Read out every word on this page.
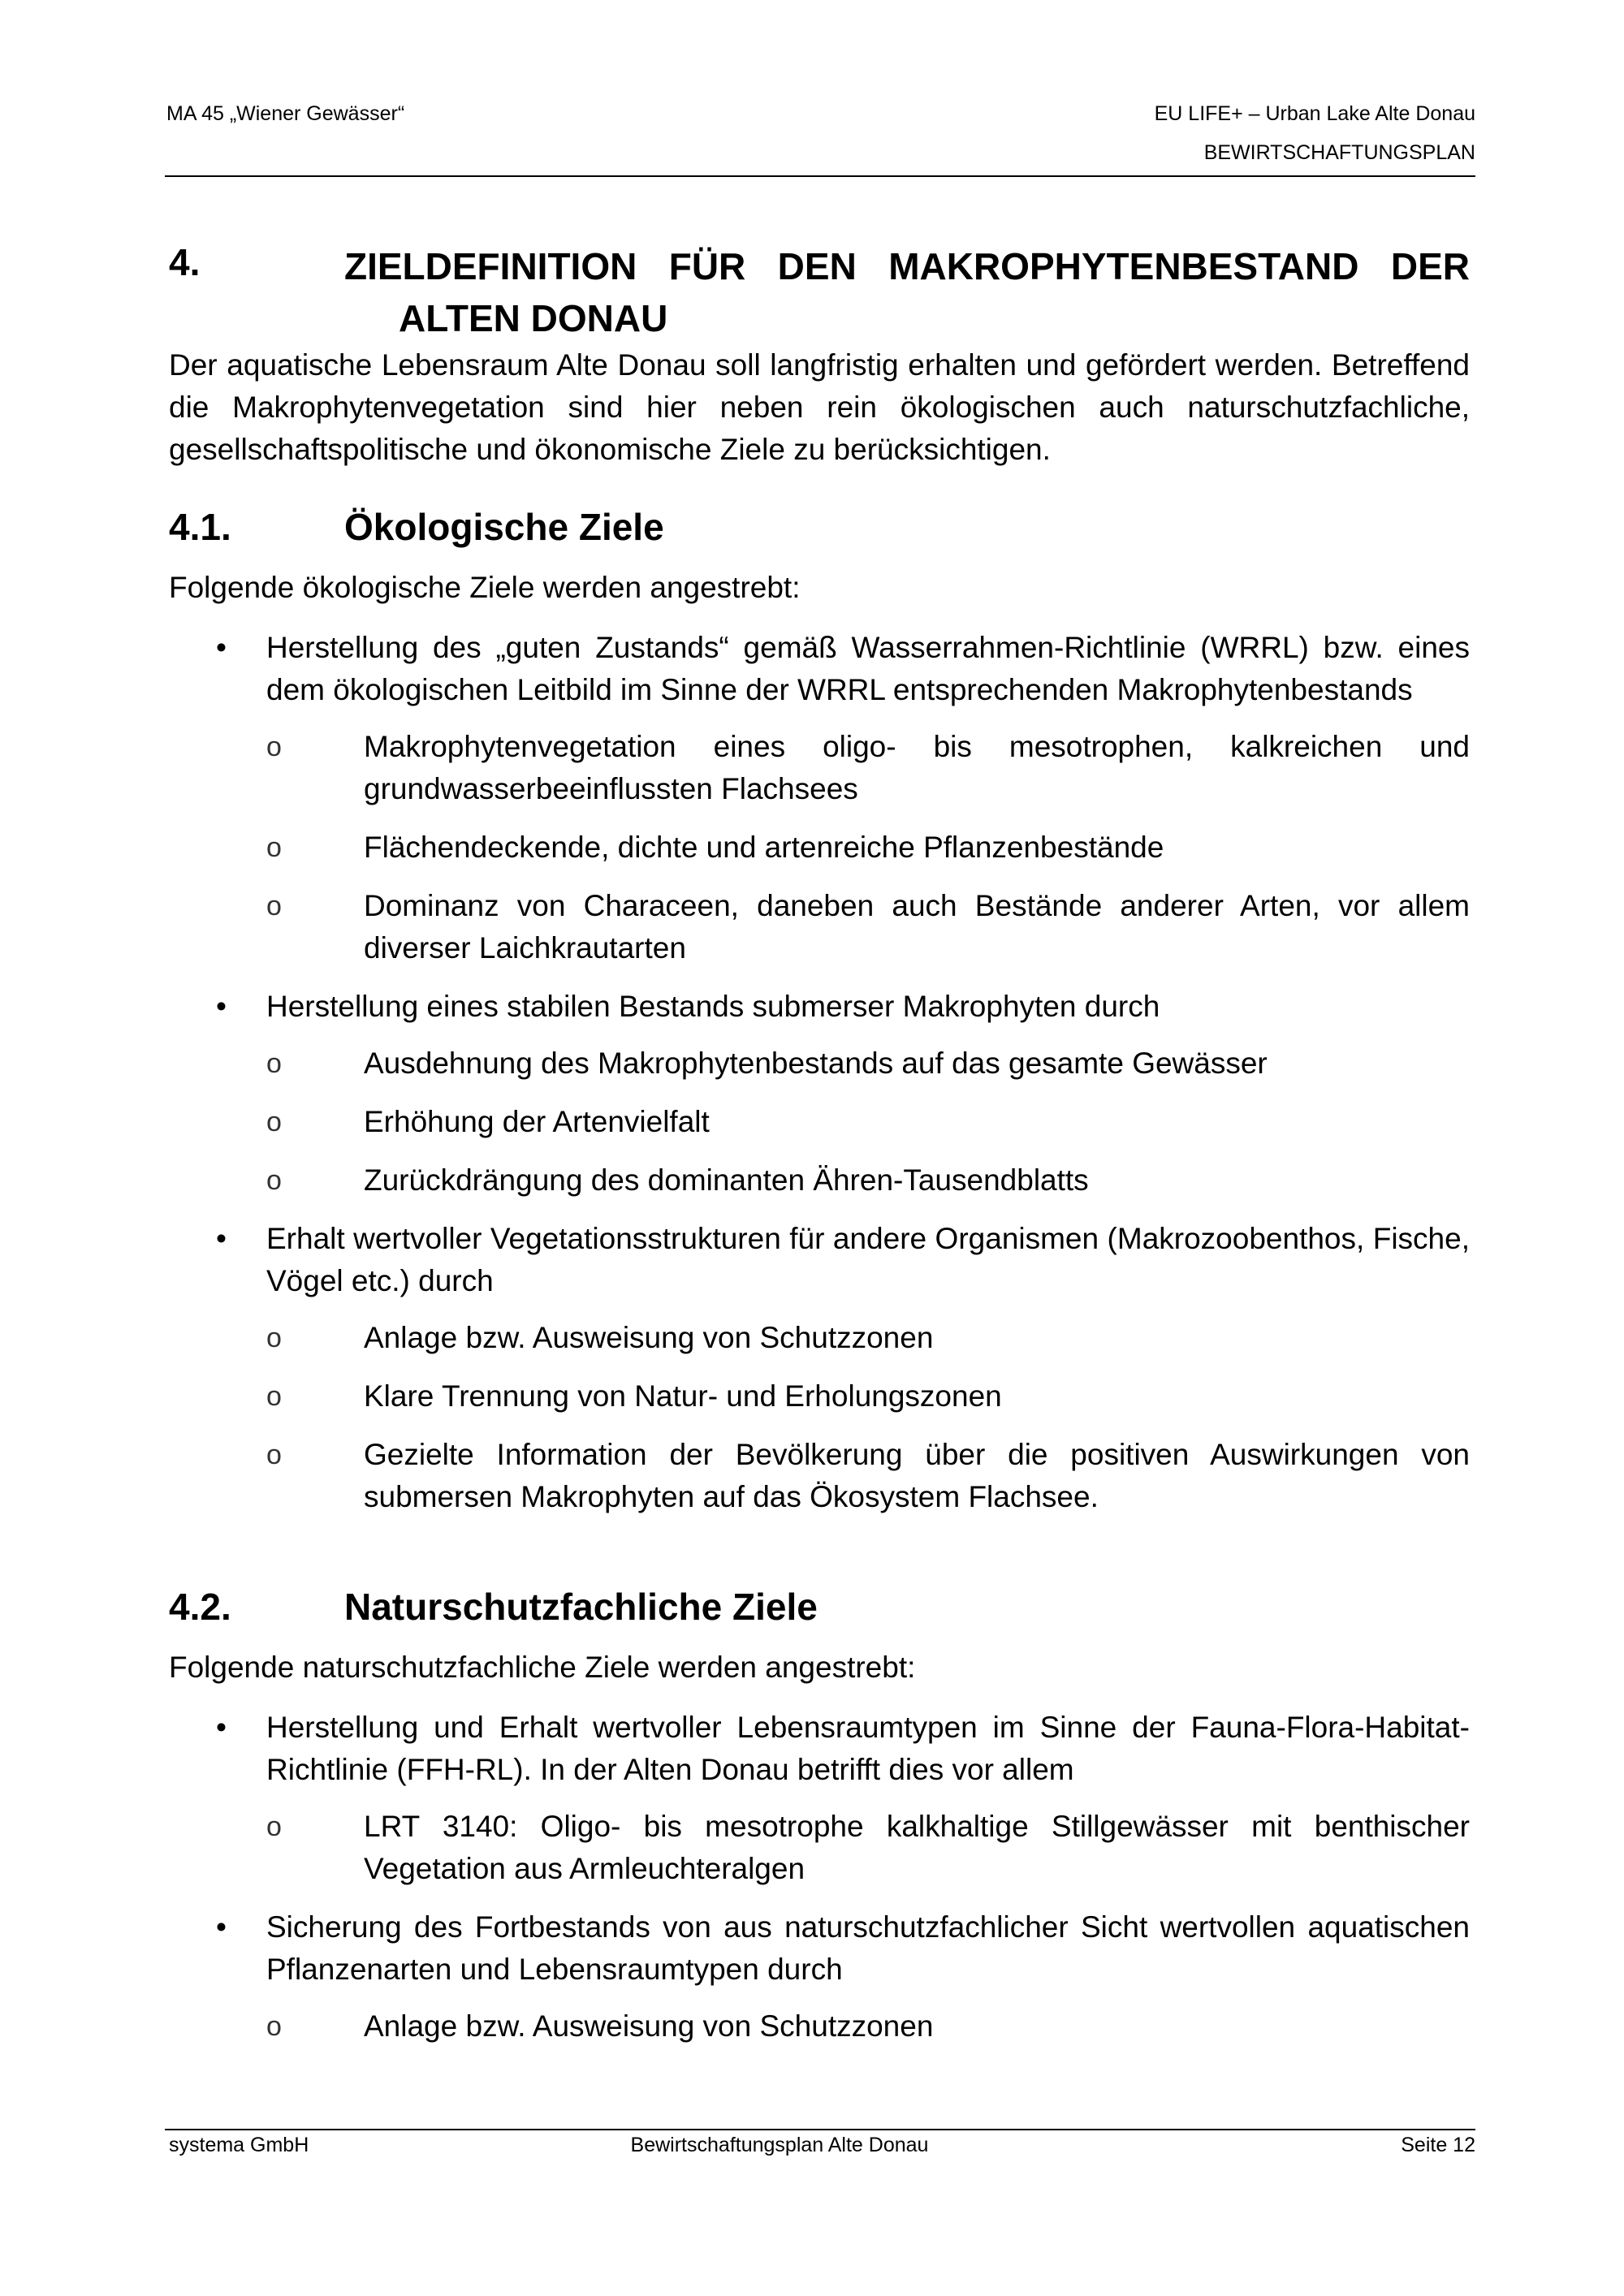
MA 45 „Wiener Gewässer“	EU LIFE+ – Urban Lake Alte Donau
BEWIRTSCHAFTUNGSPLAN
4.	ZIELDEFINITION FÜR DEN MAKROPHYTENBESTAND DER
ALTEN DONAU

Der aquatische Lebensraum Alte Donau soll langfristig erhalten und gefördert werden. Betreffend die Makrophytenvegetation sind hier neben rein ökologischen auch naturschutzfachliche, gesellschaftspolitische und ökonomische Ziele zu berücksichtigen.

4.1.	Ökologische Ziele

Folgende ökologische Ziele werden angestrebt:

• Herstellung des „guten Zustands“ gemäß Wasserrahmen-Richtlinie (WRRL) bzw. eines dem ökologischen Leitbild im Sinne der WRRL entsprechenden Makrophytenbestands
o	Makrophytenvegetation eines oligo- bis mesotrophen, kalkreichen und grundwasserbeeinflussten Flachsees
o	Flächendeckende, dichte und artenreiche Pflanzenbestände
o	Dominanz von Characeen, daneben auch Bestände anderer Arten, vor allem diverser Laichkrautarten
• Herstellung eines stabilen Bestands submerser Makrophyten durch
o	Ausdehnung des Makrophytenbestands auf das gesamte Gewässer
o	Erhöhung der Artenvielfalt
o	Zurückdrängung des dominanten Ähren-Tausendblatts
• Erhalt wertvoller Vegetationsstrukturen für andere Organismen (Makrozoobenthos, Fische, Vögel etc.) durch
o	Anlage bzw. Ausweisung von Schutzzonen
o	Klare Trennung von Natur- und Erholungszonen
o	Gezielte Information der Bevölkerung über die positiven Auswirkungen von submersen Makrophyten auf das Ökosystem Flachsee.
4.2.	Naturschutzfachliche Ziele

Folgende naturschutzfachliche Ziele werden angestrebt:

• Herstellung und Erhalt wertvoller Lebensraumtypen im Sinne der Fauna-Flora-Habitat-Richtlinie (FFH-RL). In der Alten Donau betrifft dies vor allem
o	LRT 3140: Oligo- bis mesotrophe kalkhaltige Stillgewässer mit benthischer Vegetation aus Armleuchteralgen
• Sicherung des Fortbestands von aus naturschutzfachlicher Sicht wertvollen aquatischen Pflanzenarten und Lebensraumtypen durch
o	Anlage bzw. Ausweisung von Schutzzonen
systema GmbH	Bewirtschaftungsplan Alte Donau	Seite 12
